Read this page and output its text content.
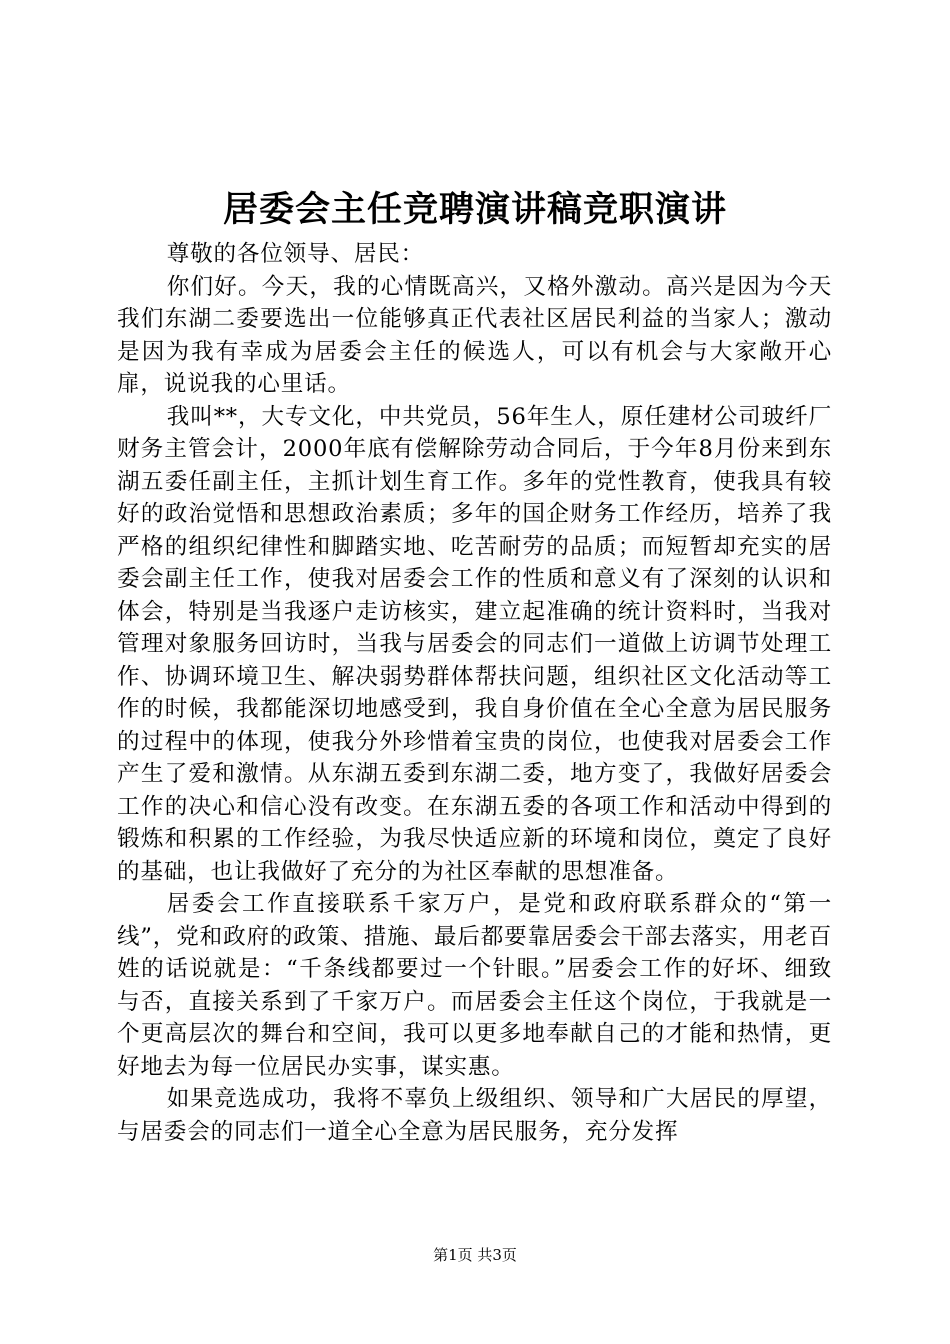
居委会主任竞聘演讲稿竞职演讲

尊敬的各位领导、居民：

你们好。今天，我的心情既高兴，又格外激动。高兴是因为今天我们东湖二委要选出一位能够真正代表社区居民利益的当家人；激动是因为我有幸成为居委会主任的候选人，可以有机会与大家敞开心扉，说说我的心里话。

我叫**，大专文化，中共党员，56年生人，原任建材公司玻纤厂财务主管会计，2000年底有偿解除劳动合同后，于今年8月份来到东湖五委任副主任，主抓计划生育工作。多年的党性教育，使我具有较好的政治觉悟和思想政治素质；多年的国企财务工作经历，培养了我严格的组织纪律性和脚踏实地、吃苦耐劳的品质；而短暂却充实的居委会副主任工作，使我对居委会工作的性质和意义有了深刻的认识和体会，特别是当我逐户走访核实，建立起准确的统计资料时，当我对管理对象服务回访时，当我与居委会的同志们一道做上访调节处理工作、协调环境卫生、解决弱势群体帮扶问题，组织社区文化活动等工作的时候，我都能深切地感受到，我自身价值在全心全意为居民服务的过程中的体现，使我分外珍惜着宝贵的岗位，也使我对居委会工作产生了爱和激情。从东湖五委到东湖二委，地方变了，我做好居委会工作的决心和信心没有改变。在东湖五委的各项工作和活动中得到的锻炼和积累的工作经验，为我尽快适应新的环境和岗位，奠定了良好的基础，也让我做好了充分的为社区奉献的思想准备。

居委会工作直接联系千家万户，是党和政府联系群众的“第一线”，党和政府的政策、措施、最后都要靠居委会干部去落实，用老百姓的话说就是：“千条线都要过一个针眼。”居委会工作的好坏、细致与否，直接关系到了千家万户。而居委会主任这个岗位，于我就是一个更高层次的舞台和空间，我可以更多地奉献自己的才能和热情，更好地去为每一位居民办实事，谋实惠。

如果竞选成功，我将不辜负上级组织、领导和广大居民的厚望，与居委会的同志们一道全心全意为居民服务，充分发挥

第1页 共3页
